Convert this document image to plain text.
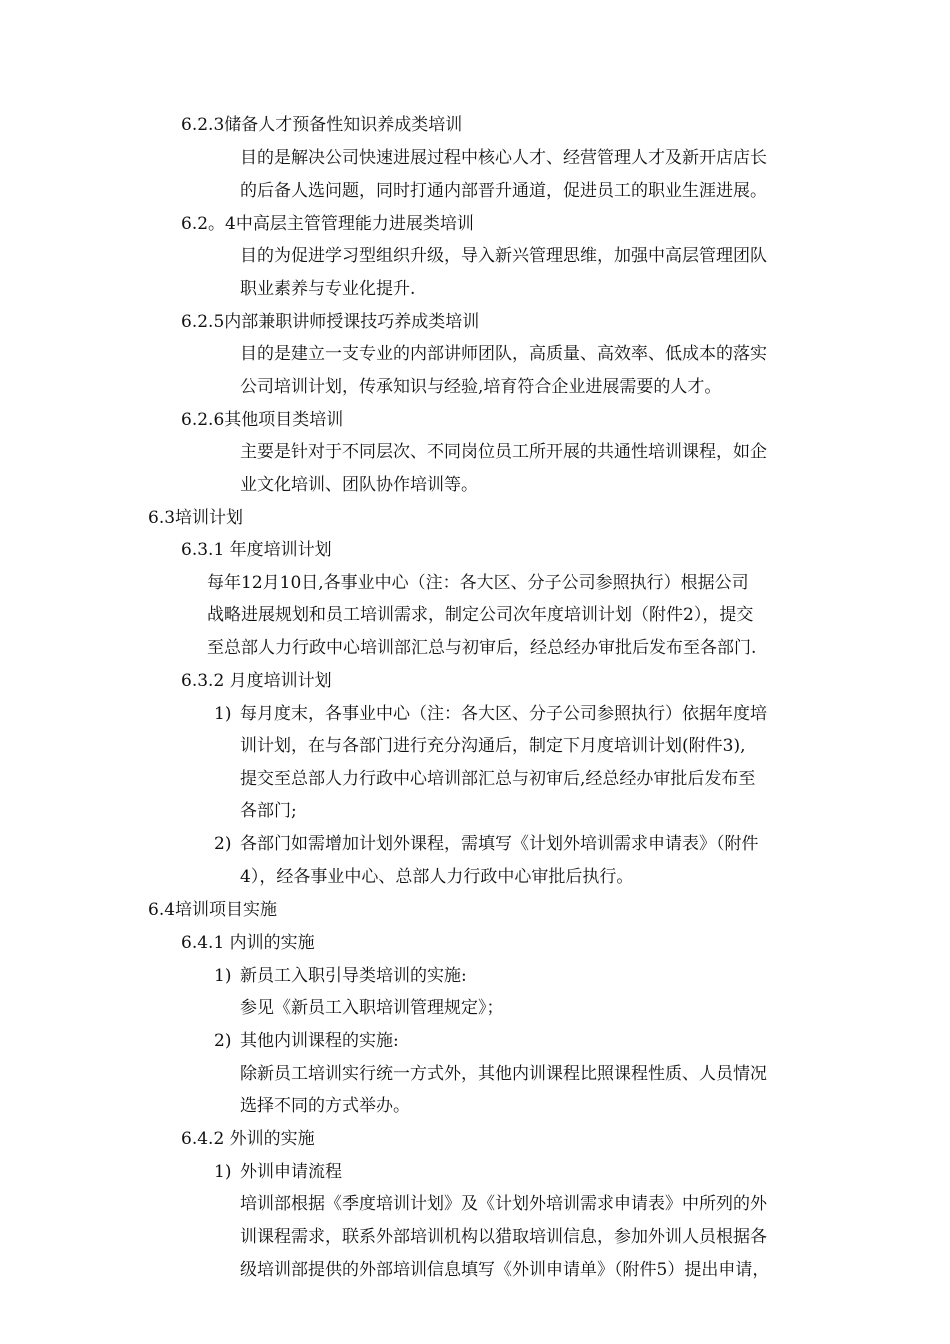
6.2.3储备人才预备性知识养成类培训
目的是解决公司快速进展过程中核心人才、经营管理人才及新开店店长
的后备人选问题，同时打通内部晋升通道，促进员工的职业生涯进展。
6.2。4中高层主管管理能力进展类培训
目的为促进学习型组织升级，导入新兴管理思维，加强中高层管理团队
职业素养与专业化提升.
6.2.5内部兼职讲师授课技巧养成类培训
目的是建立一支专业的内部讲师团队，高质量、高效率、低成本的落实
公司培训计划，传承知识与经验,培育符合企业进展需要的人才。
6.2.6其他项目类培训
主要是针对于不同层次、不同岗位员工所开展的共通性培训课程，如企
业文化培训、团队协作培训等。
6.3培训计划
6.3.1 年度培训计划
每年12月10日,各事业中心（注：各大区、分子公司参照执行）根据公司
战略进展规划和员工培训需求，制定公司次年度培训计划（附件2），提交
至总部人力行政中心培训部汇总与初审后，经总经办审批后发布至各部门.
6.3.2 月度培训计划
1) 每月度末，各事业中心（注：各大区、分子公司参照执行）依据年度培
训计划，在与各部门进行充分沟通后，制定下月度培训计划(附件3),
提交至总部人力行政中心培训部汇总与初审后,经总经办审批后发布至
各部门;
2) 各部门如需增加计划外课程，需填写《计划外培训需求申请表》（附件
4），经各事业中心、总部人力行政中心审批后执行。
6.4培训项目实施
6.4.1 内训的实施
1) 新员工入职引导类培训的实施:
参见《新员工入职培训管理规定》；
2) 其他内训课程的实施:
除新员工培训实行统一方式外，其他内训课程比照课程性质、人员情况
选择不同的方式举办。
6.4.2 外训的实施
1) 外训申请流程
培训部根据《季度培训计划》及《计划外培训需求申请表》中所列的外
训课程需求，联系外部培训机构以猎取培训信息，参加外训人员根据各
级培训部提供的外部培训信息填写《外训申请单》（附件5）提出申请，
